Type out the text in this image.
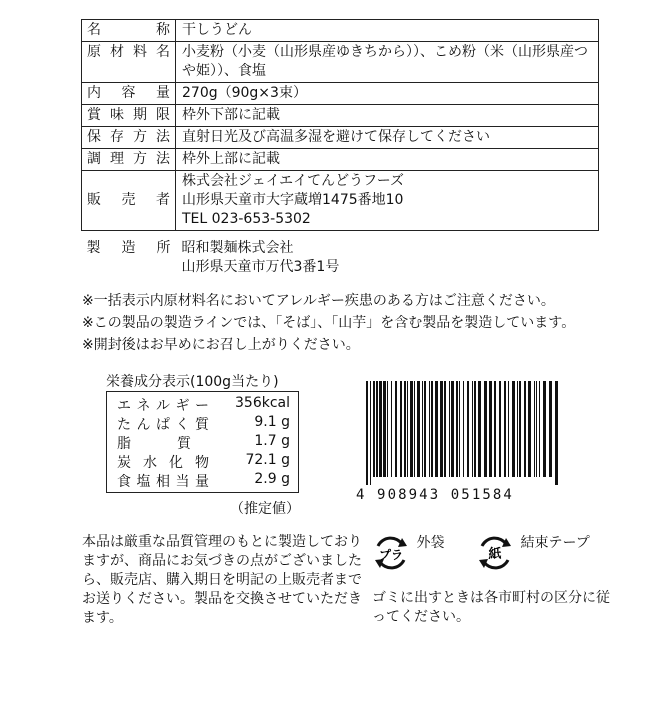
名称	干しうどん
原材料名	小麦粉（小麦（山形県産ゆきちから））、こめ粉（米（山形県産つや姫））、食塩
内容量	270g（90g×3束）
賞味期限	枠外下部に記載
保存方法	直射日光及び高温多湿を避けて保存してください
調理方法	枠外上部に記載
販売者	株式会社ジェイエイてんどうフーズ
山形県天童市大字蔵増1475番地10
TEL 023-653-5302

製造所	昭和製麺株式会社
山形県天童市万代3番1号
※一括表示内原材料名においてアレルギー疾患のある方はご注意ください。
※この製品の製造ラインでは、「そば」、「山芋」を含む製品を製造しています。
※開封後はお早めにお召し上がりください。
栄養成分表示(100g当たり)
エネルギー 356kcal
たんぱく質	9.1 g
脂質	1.7 g
炭水化物	72.1 g
食塩相当量	2.9 g
（推定値）
4 908943 051584
本品は厳重な品質管理のもとに製造しておりますが、商品にお気づきの点がございましたら、販売店、購入期日を明記の上販売者までお送りください。製品を交換させていただきます。
プラ
外袋
紙
結束テープ
ゴミに出すときは各市町村の区分に従ってください。
